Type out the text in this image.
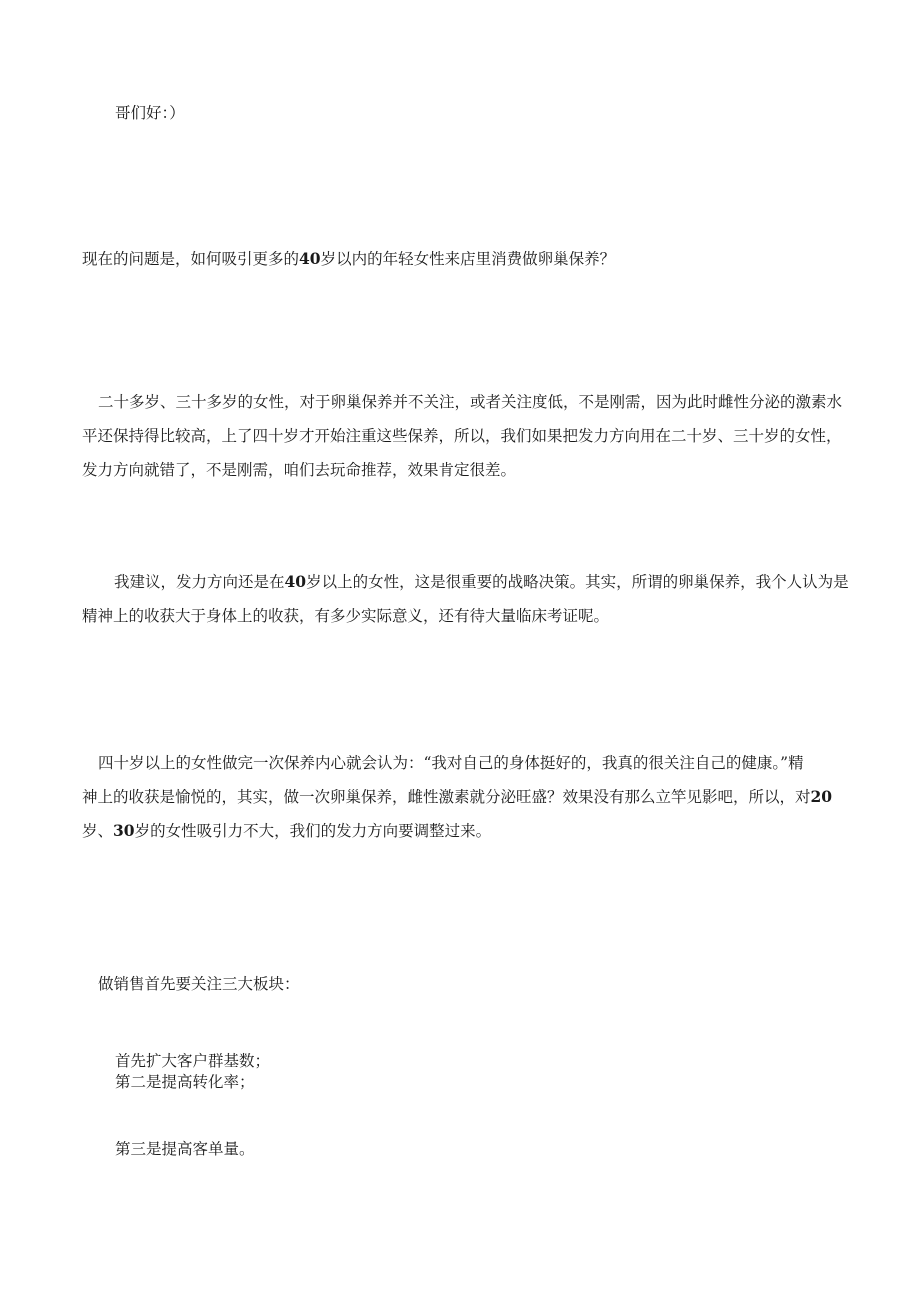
哥们好：）
现在的问题是，如何吸引更多的40岁以内的年轻女性来店里消费做卵巢保养？
二十多岁、三十多岁的女性，对于卵巢保养并不关注，或者关注度低，不是刚需，因为此时雌性分泌的激素水
平还保持得比较高，上了四十岁才开始注重这些保养，所以，我们如果把发力方向用在二十岁、三十岁的女性，
发力方向就错了，不是刚需，咱们去玩命推荐，效果肯定很差。
我建议，发力方向还是在40岁以上的女性，这是很重要的战略决策。其实，所谓的卵巢保养，我个人认为是
精神上的收获大于身体上的收获，有多少实际意义，还有待大量临床考证呢。
四十岁以上的女性做完一次保养内心就会认为：“我对自己的身体挺好的，我真的很关注自己的健康。”精
神上的收获是愉悦的，其实，做一次卵巢保养，雌性激素就分泌旺盛？效果没有那么立竿见影吧，所以，对20
岁、30岁的女性吸引力不大，我们的发力方向要调整过来。
做销售首先要关注三大板块：
首先扩大客户群基数；
第二是提高转化率；
第三是提高客单量。
